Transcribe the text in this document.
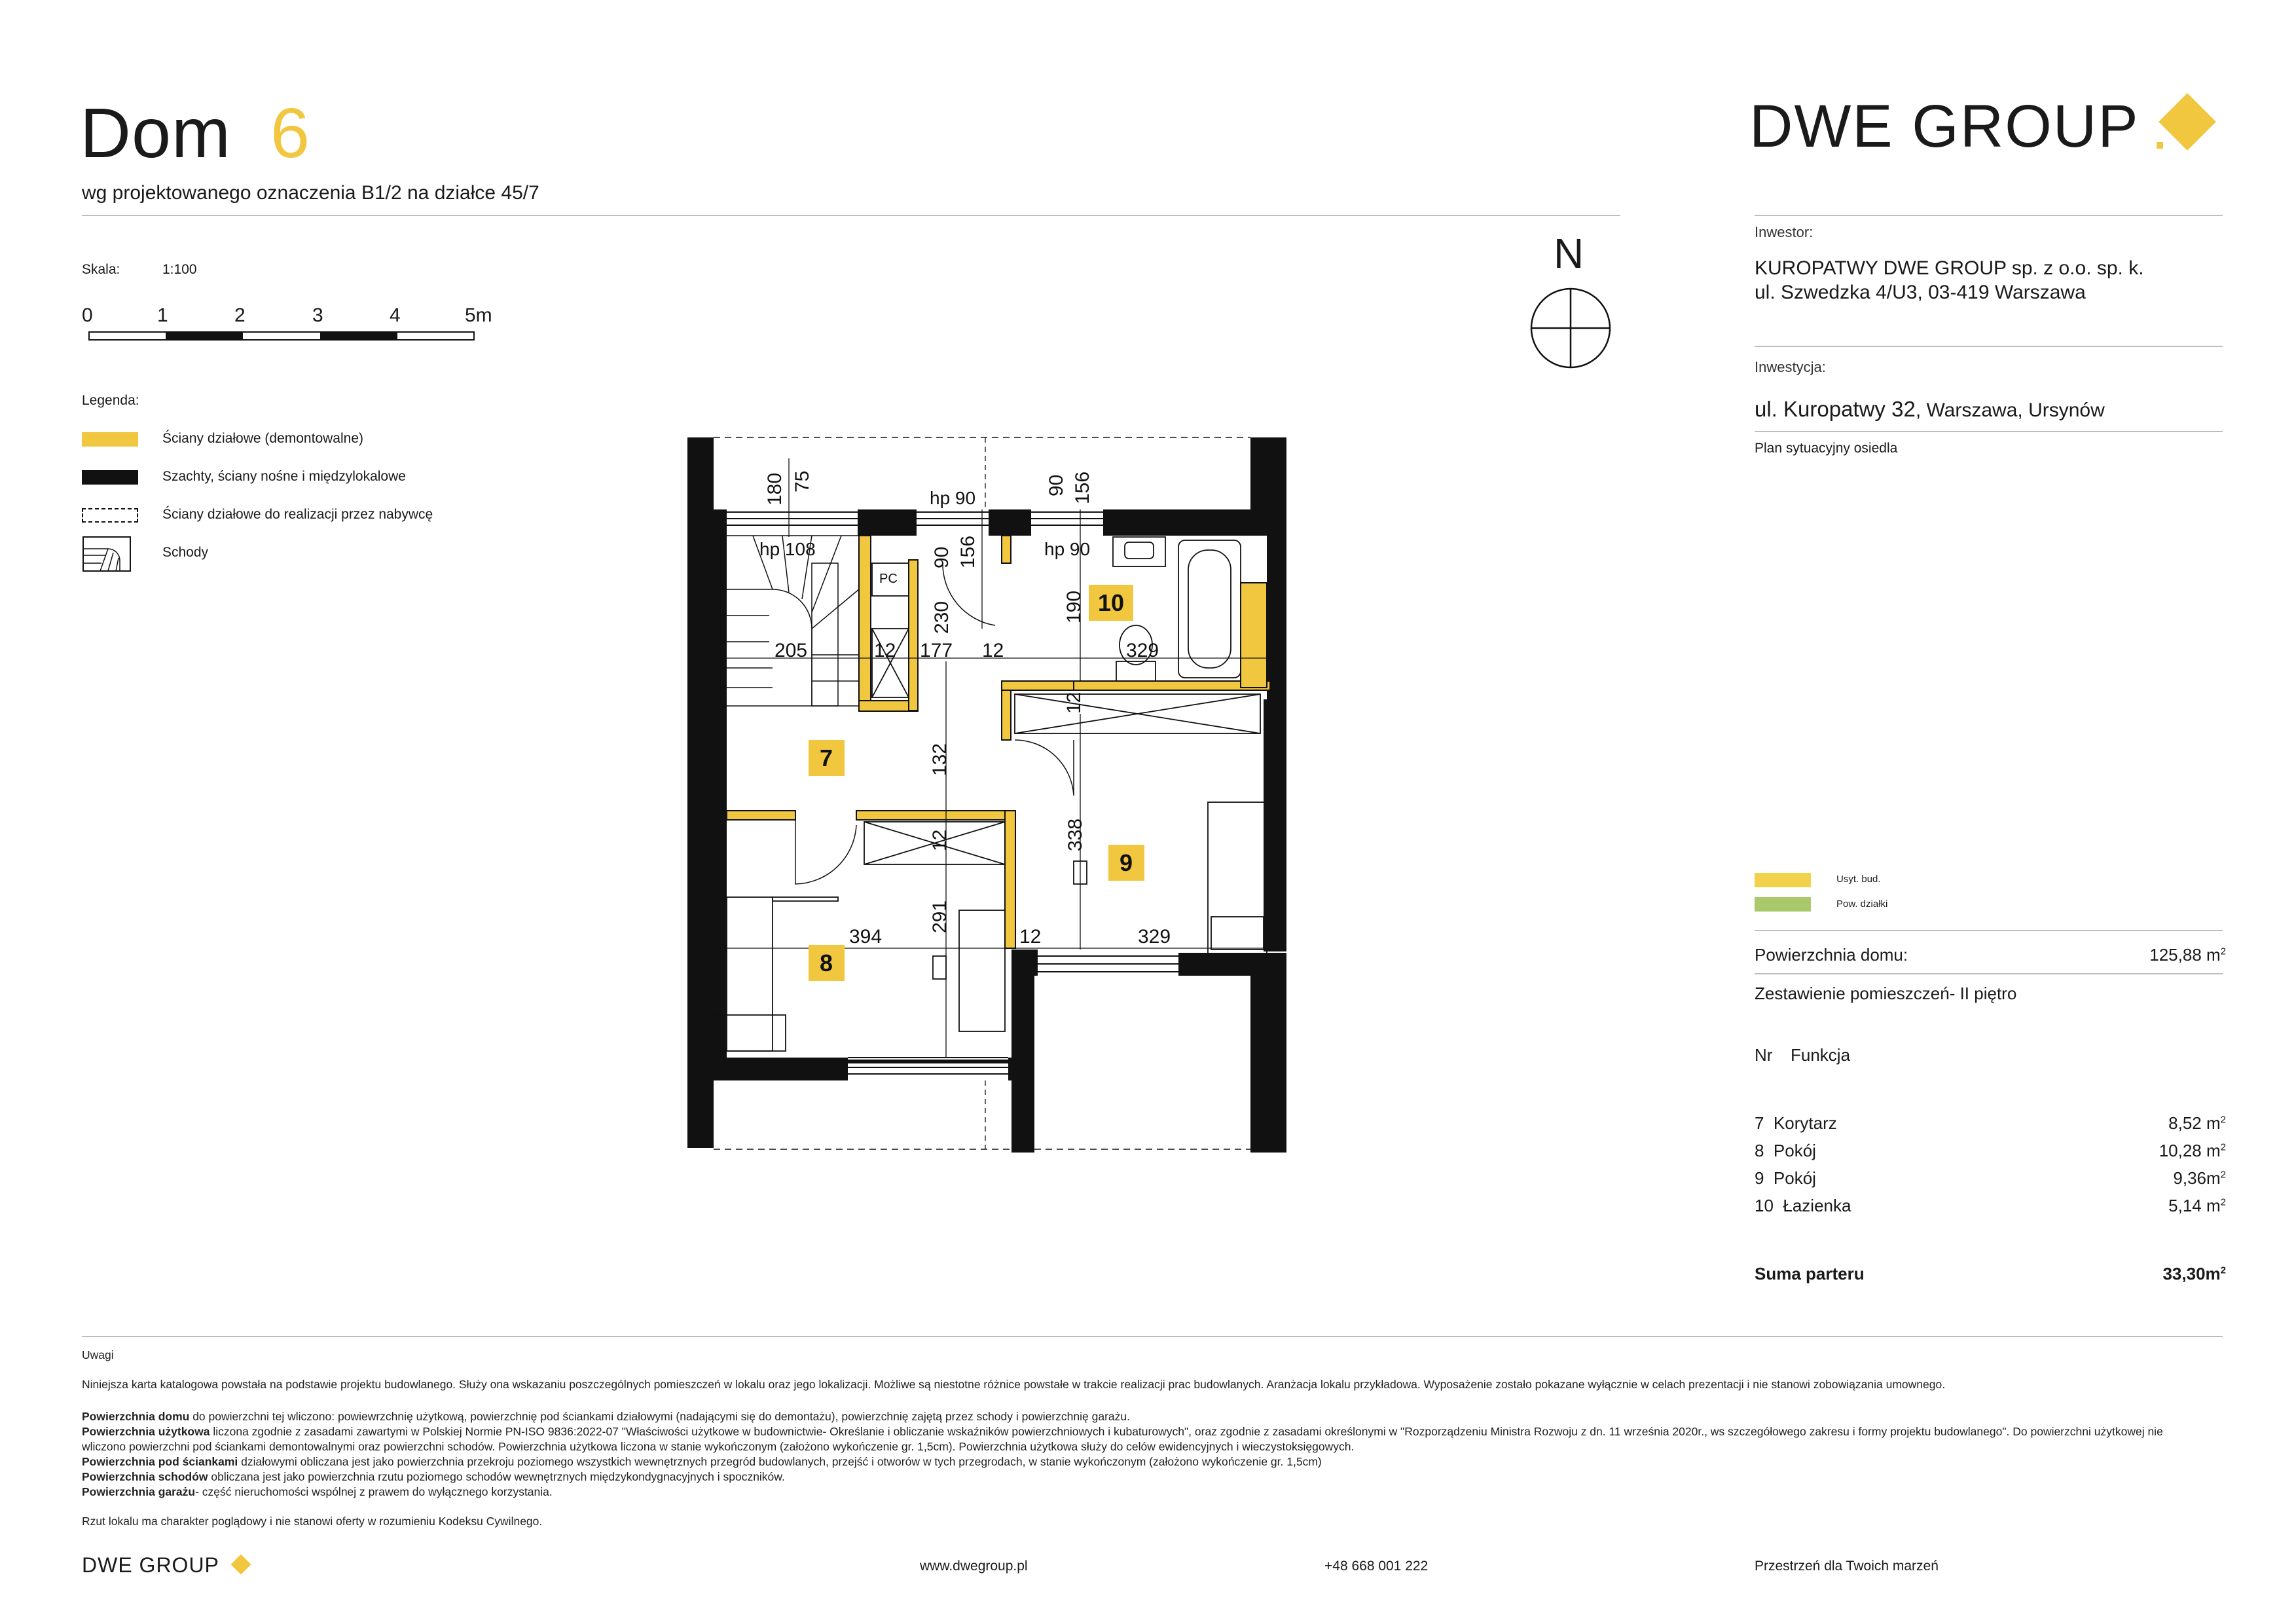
Dom 6
wg projektowanego oznaczenia B1/2 na działce 45/7
Skala:	1:100
0	1	2	3	4	5m
Legenda:
Ściany działowe (demontowalne)
Szachty, ściany nośne i międzylokalowe
Ściany działowe do realizacji przez nabywcę
Schody
N
7
8
9
10
hp 108
hp 90
hp 90
PC
180 75
90 156
90 156
230	190
18 205	12 177 12	329
12
132
12	338
291
18	394	12	329
DWE GROUP
Inwestor:
KUROPATWY DWE GROUP sp. z o.o. sp. k.
ul. Szwedzka 4/U3, 03-419 Warszawa
Inwestycja:
ul. Kuropatwy 32, Warszawa, Ursynów
Plan sytuacyjny osiedla
Usyt. bud.
Pow. działki
Powierzchnia domu:	125,88 $m^2$
Zestawienie pomieszczeń- II piętro
Nr Funkcja
7 Korytarz	8,52 $m^2$
8 Pokój	10,28 $m^2$
9 Pokój	$9,36m^2$
10 Łazienka	5,14 $m^2$
Suma parteru	$33,30m^2$
Uwagi
Niniejsza karta katalogowa powstała na podstawie projektu budowlanego. Służy ona wskazaniu poszczególnych pomieszczeń w lokalu oraz jego lokalizacji. Możliwe są niestotne różnice powstałe w trakcie realizacji prac budowlanych. Aranżacja lokalu przykładowa. Wyposażenie zostało pokazane wyłącznie w celach prezentacji i nie stanowi zobowiązania umownego.
Powierzchnia domu do powierzchni tej wliczono: powiewrzchnię użytkową, powierzchnię pod ściankami działowymi (nadającymi się do demontażu), powierzchnię zajętą przez schody i powierzchnię garażu.
Powierzchnia użytkowa liczona zgodnie z zasadami zawartymi w Polskiej Normie PN-ISO 9836:2022-07 "Właściwości użytkowe w budownictwie- Określanie i obliczanie wskaźników powierzchniowych i kubaturowych", oraz zgodnie z zasadami określonymi w "Rozporządzeniu Ministra Rozwoju z dn. 11 września 2020r., ws szczegółowego zakresu i formy projektu budowlanego". Do powierzchni użytkowej nie wliczono powierzchni pod ściankami demontowalnymi oraz powierzchni schodów. Powierzchnia użytkowa liczona w stanie wykończonym (założono wykończenie gr. 1,5cm). Powierzchnia użytkowa służy do celów ewidencyjnych i wieczystoksięgowych.
Powierzchnia pod ściankami działowymi obliczana jest jako powierzchnia przekroju poziomego wszystkich wewnętrznych przegród budowlanych, przejść i otworów w tych przegrodach, w stanie wykończonym (założono wykończenie gr. 1,5cm)
Powierzchnia schodów obliczana jest jako powierzchnia rzutu poziomego schodów wewnętrznych międzykondygnacyjnych i spoczników.
Powierzchnia garażu- część nieruchomości wspólnej z prawem do wyłącznego korzystania.
Rzut lokalu ma charakter poglądowy i nie stanowi oferty w rozumieniu Kodeksu Cywilnego.
DWE GROUP	www.dwegroup.pl	+48 668 001 222	Przestrzeń dla Twoich marzeń
